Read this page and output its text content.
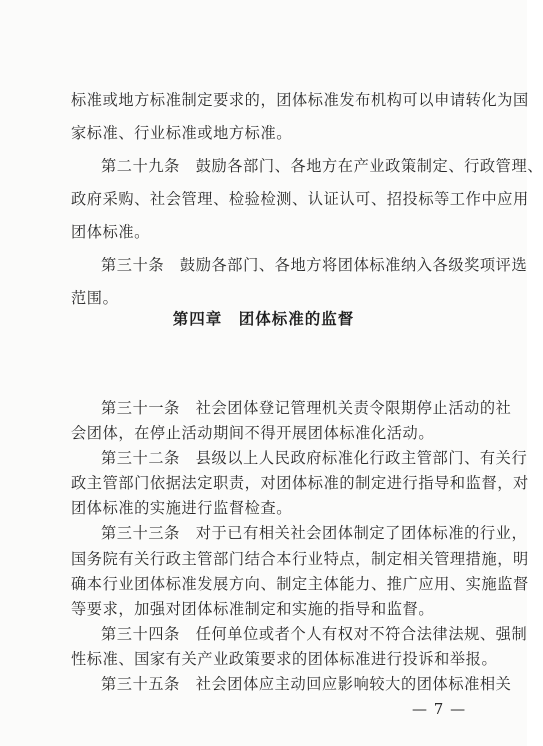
标准或地方标准制定要求的，团体标准发布机构可以申请转化为国
家标准、行业标准或地方标准。
第二十九条　鼓励各部门、各地方在产业政策制定、行政管理、
政府采购、社会管理、检验检测、认证认可、招投标等工作中应用
团体标准。
第三十条　鼓励各部门、各地方将团体标准纳入各级奖项评选
范围。
第四章　团体标准的监督
第三十一条　社会团体登记管理机关责令限期停止活动的社
会团体，在停止活动期间不得开展团体标准化活动。
第三十二条　县级以上人民政府标准化行政主管部门、有关行
政主管部门依据法定职责，对团体标准的制定进行指导和监督，对
团体标准的实施进行监督检查。
第三十三条　对于已有相关社会团体制定了团体标准的行业，
国务院有关行政主管部门结合本行业特点，制定相关管理措施，明
确本行业团体标准发展方向、制定主体能力、推广应用、实施监督
等要求，加强对团体标准制定和实施的指导和监督。
第三十四条　任何单位或者个人有权对不符合法律法规、强制
性标准、国家有关产业政策要求的团体标准进行投诉和举报。
第三十五条　社会团体应主动回应影响较大的团体标准相关
— 7 —
